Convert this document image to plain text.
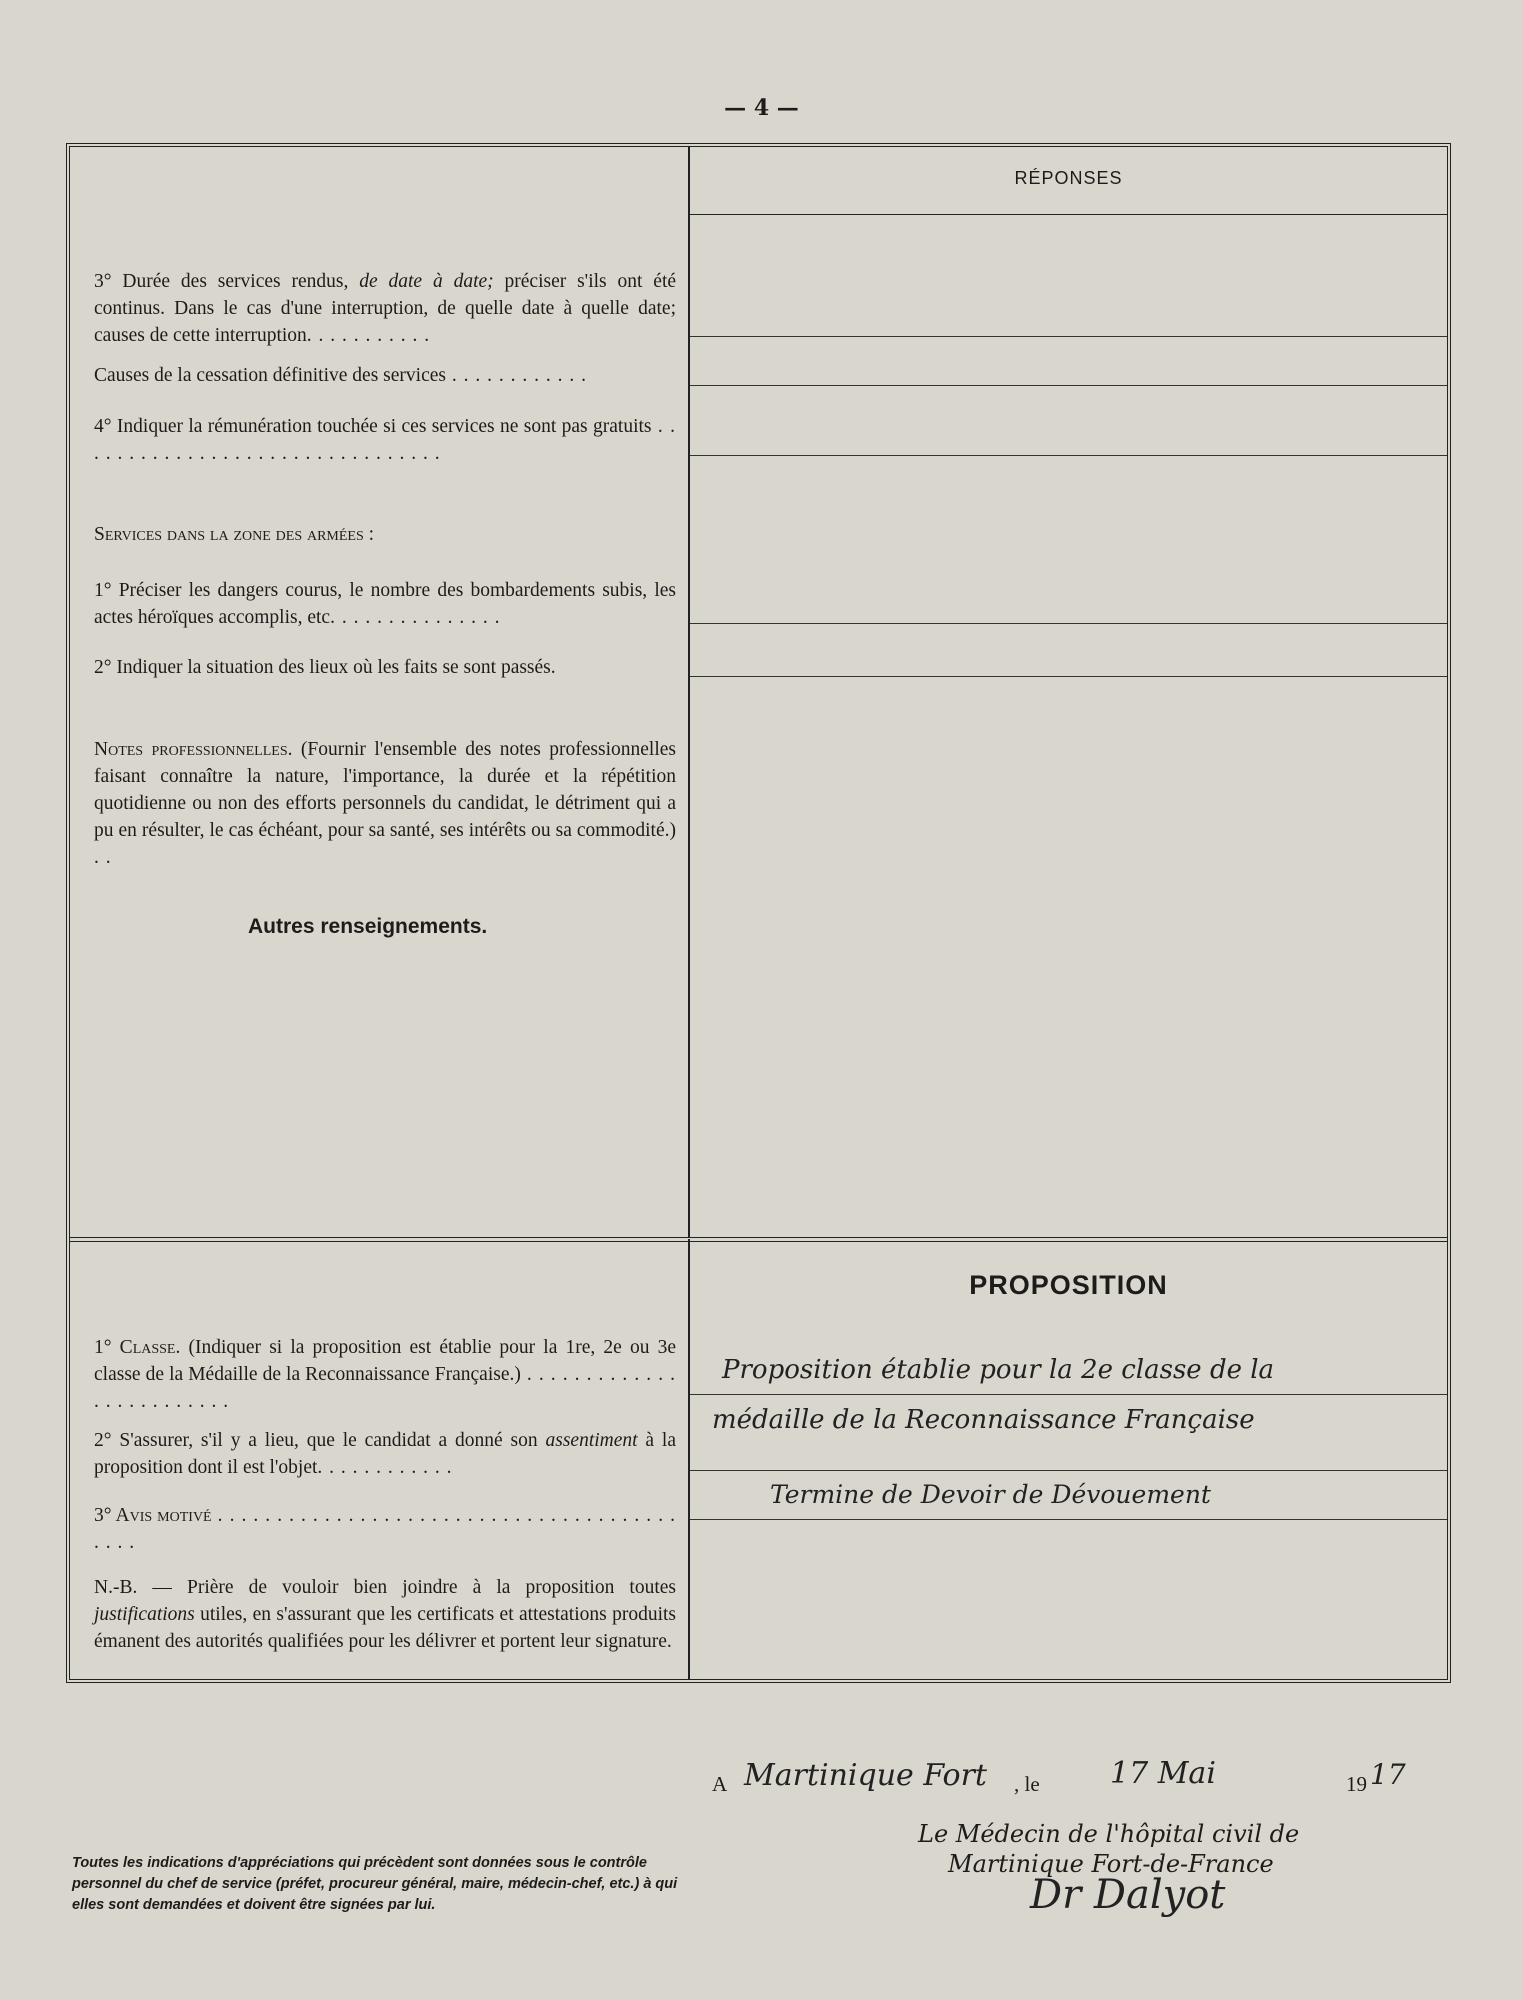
— 4 —
RÉPONSES
3° Durée des services rendus, de date à date; préciser s'ils ont été continus. Dans le cas d'une interruption, de quelle date à quelle date; causes de cette interruption. . . . . . . . . . .
Causes de la cessation définitive des services . . . . . . . . . . . .
4° Indiquer la rémunération touchée si ces services ne sont pas gratuits . . . . . . . . . . . . . . . . . . . . . . . . . . . . . . . .
Services dans la zone des armées :
1° Préciser les dangers courus, le nombre des bombardements subis, les actes héroïques accomplis, etc. . . . . . . . . . . . . . .
2° Indiquer la situation des lieux où les faits se sont passés.
Notes professionnelles. (Fournir l'ensemble des notes professionnelles faisant connaître la nature, l'importance, la durée et la répétition quotidienne ou non des efforts personnels du candidat, le détriment qui a pu en résulter, le cas échéant, pour sa santé, ses intérêts ou sa commodité.) . .
Autres renseignements.
1° Classe. (Indiquer si la proposition est établie pour la 1re, 2e ou 3e classe de la Médaille de la Reconnaissance Française.) . . . . . . . . . . . . . . . . . . . . . . . . .
2° S'assurer, s'il y a lieu, que le candidat a donné son assentiment à la proposition dont il est l'objet. . . . . . . . . . . .
3° Avis motivé . . . . . . . . . . . . . . . . . . . . . . . . . . . . . . . . . . . . . . . . . . .
N.-B. — Prière de vouloir bien joindre à la proposition toutes justifications utiles, en s'assurant que les certificats et attestations produits émanent des autorités qualifiées pour les délivrer et portent leur signature.
PROPOSITION
Proposition établie pour la 2e classe de la
médaille de la Reconnaissance Française
Termine de Devoir de Dévouement
A Martinique Fort , le 17 Mai	19 17
Le Médecin de l'hôpital civil de
Martinique Fort-de-France
Dr Dalyot
Toutes les indications d'appréciations qui précèdent sont données sous le contrôle personnel du chef de service (préfet, procureur général, maire, médecin-chef, etc.) à qui elles sont demandées et doivent être signées par lui.
